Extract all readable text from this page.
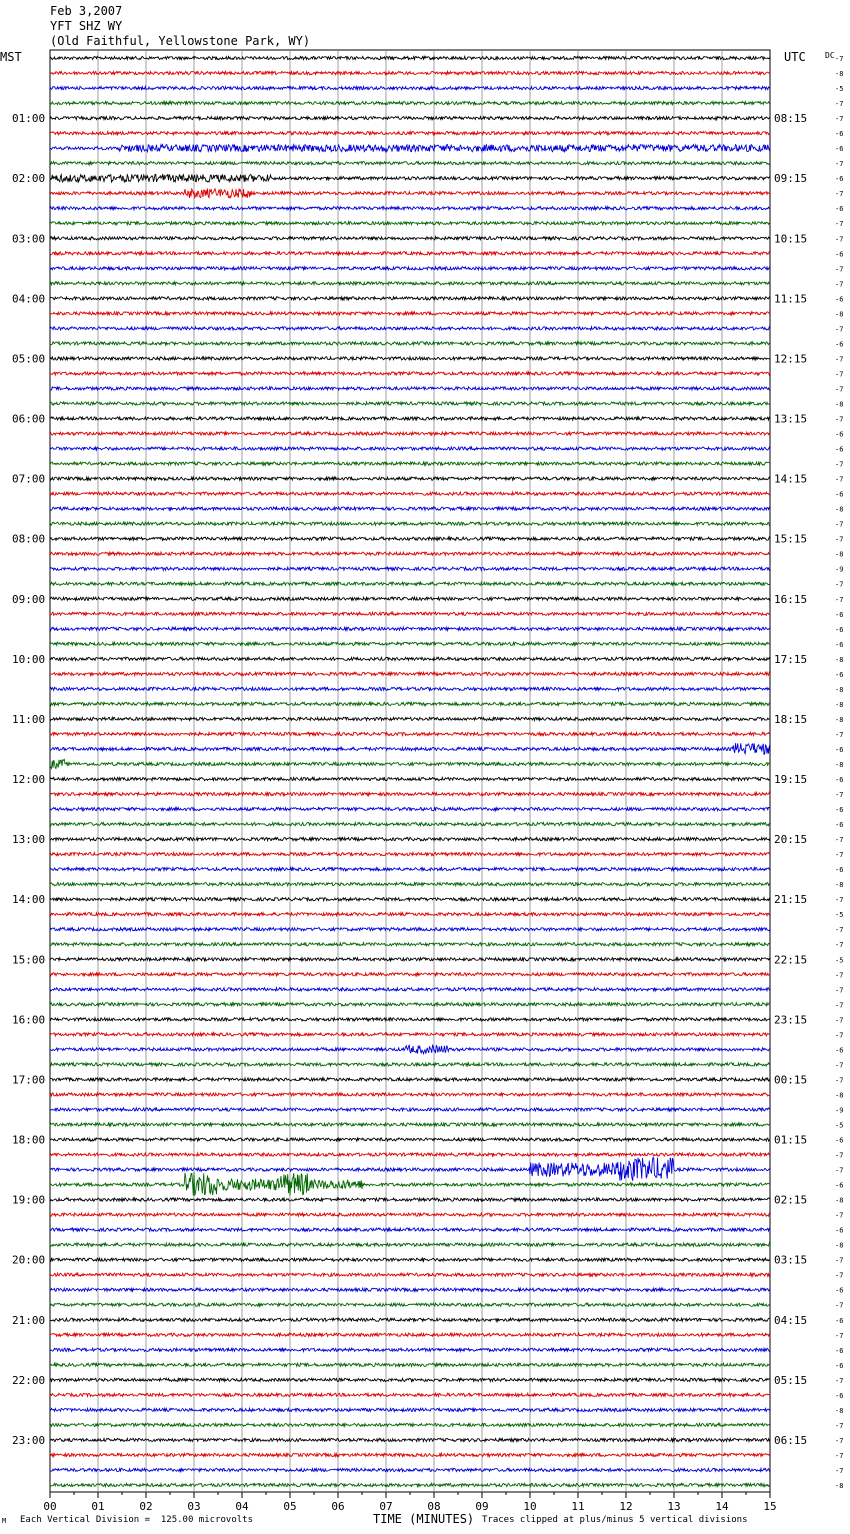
Feb 3,2007
YFT SHZ WY
(Old Faithful, Yellowstone Park, WY)
MST	UTC DC
00	01	02	03	04	05	06	07	08	09	10	11	12	13	14	15
-7
-8
-5
-7
-7
-6
-6
-7
-6
-7
-6
-7
-7
-6
-7
-7
-6
-8
-7
-6
-7
-7
-7
-8
-7
-6
-6
-7
-7
-6
-8
-7
-7
-8
-9
-7
-7
-6
-6
-6
-8
-6
-8
-8
-8
-7
-6
-8
-6
-7
-6
-6
-7
-7
-6
-8
-7
-5
-7
-7
-5
-7
-7
-7
-7
-7
-6
-7
-7
-8
-9
-5
-6
-7
-7
-6
-8
-7
-6
-8
-7
-7
-6
-7
-6
-7
-6
-6
-7
-6
-8
-7
-7
-7
-7
-8
01:00
02:00
03:00
04:00
05:00
06:00
07:00
08:00
09:00
10:00
11:00
12:00
13:00
14:00
15:00
16:00
17:00
18:00
19:00
20:00
21:00
22:00
23:00
08:15
09:15
10:15
11:15
12:15
13:15
14:15
15:15
16:15
17:15
18:15
19:15
20:15
21:15
22:15
23:15
00:15
01:15
02:15
03:15
04:15
05:15
06:15
M Each Vertical Division =  125.00 microvolts	TIME (MINUTES) Traces clipped at plus/minus 5 vertical divisions
